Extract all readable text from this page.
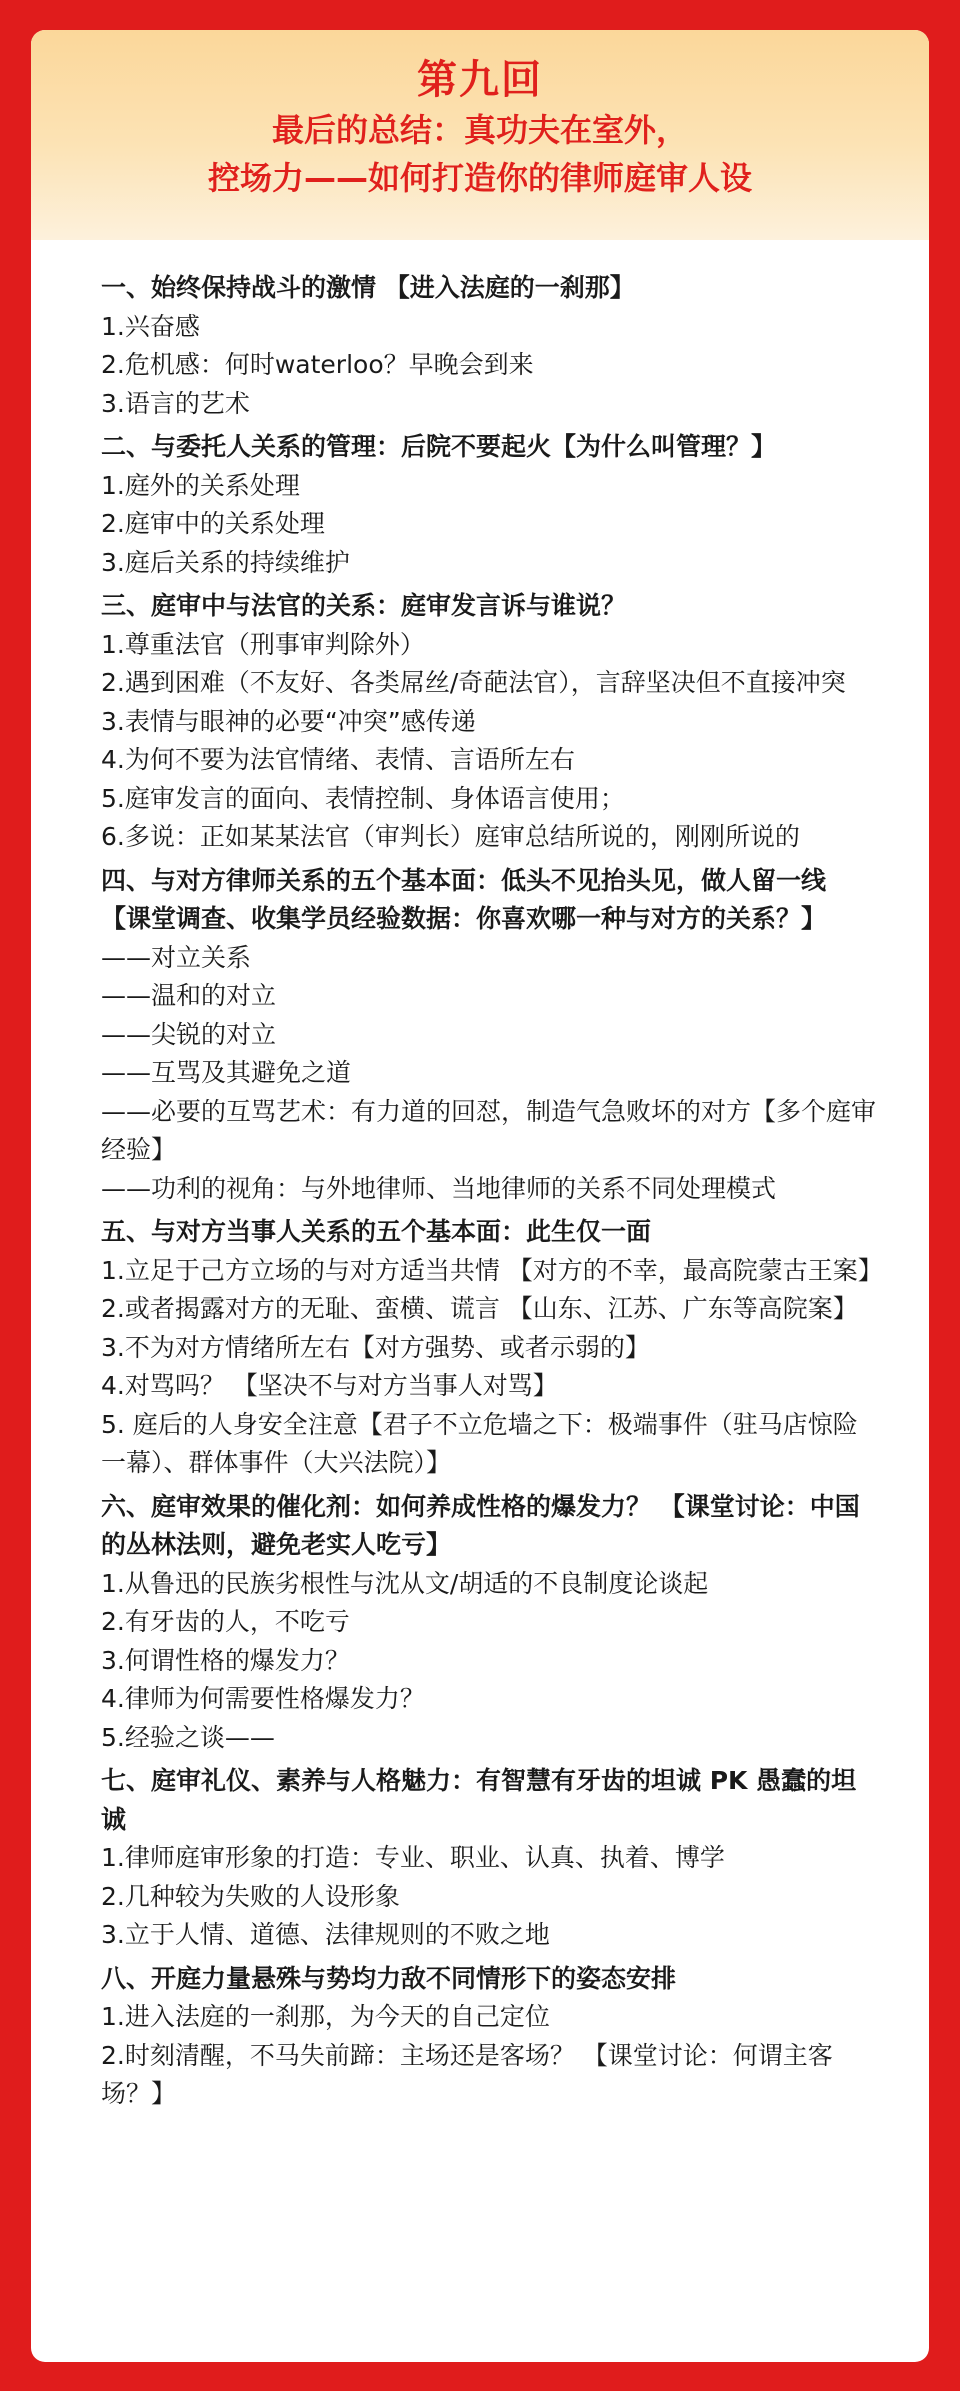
第九回
最后的总结：真功夫在室外，
控场力——如何打造你的律师庭审人设

一、始终保持战斗的激情 【进入法庭的一刹那】

1.兴奋感

2.危机感：何时waterloo？早晚会到来

3.语言的艺术

二、与委托人关系的管理：后院不要起火【为什么叫管理？】

1.庭外的关系处理

2.庭审中的关系处理

3.庭后关系的持续维护

三、庭审中与法官的关系：庭审发言诉与谁说？

1.尊重法官（刑事审判除外）

2.遇到困难（不友好、各类屌丝/奇葩法官），言辞坚决但不直接冲突

3.表情与眼神的必要“冲突”感传递

4.为何不要为法官情绪、表情、言语所左右

5.庭审发言的面向、表情控制、身体语言使用；

6.多说：正如某某法官（审判长）庭审总结所说的，刚刚所说的

四、与对方律师关系的五个基本面：低头不见抬头见，做人留一线 【课堂调查、收集学员经验数据：你喜欢哪一种与对方的关系？】

——对立关系

——温和的对立

——尖锐的对立

——互骂及其避免之道

——必要的互骂艺术：有力道的回怼，制造气急败坏的对方【多个庭审经验】

——功利的视角：与外地律师、当地律师的关系不同处理模式

五、与对方当事人关系的五个基本面：此生仅一面

1.立足于己方立场的与对方适当共情 【对方的不幸，最高院蒙古王案】

2.或者揭露对方的无耻、蛮横、谎言 【山东、江苏、广东等高院案】

3.不为对方情绪所左右【对方强势、或者示弱的】

4.对骂吗？ 【坚决不与对方当事人对骂】

5. 庭后的人身安全注意【君子不立危墙之下：极端事件（驻马店惊险一幕）、群体事件（大兴法院）】

六、庭审效果的催化剂：如何养成性格的爆发力？ 【课堂讨论：中国的丛林法则，避免老实人吃亏】

1.从鲁迅的民族劣根性与沈从文/胡适的不良制度论谈起

2.有牙齿的人，不吃亏

3.何谓性格的爆发力？

4.律师为何需要性格爆发力？

5.经验之谈——

七、庭审礼仪、素养与人格魅力：有智慧有牙齿的坦诚 PK 愚蠢的坦诚

1.律师庭审形象的打造：专业、职业、认真、执着、博学

2.几种较为失败的人设形象

3.立于人情、道德、法律规则的不败之地

八、开庭力量悬殊与势均力敌不同情形下的姿态安排

1.进入法庭的一刹那，为今天的自己定位

2.时刻清醒，不马失前蹄：主场还是客场？ 【课堂讨论：何谓主客场？】
